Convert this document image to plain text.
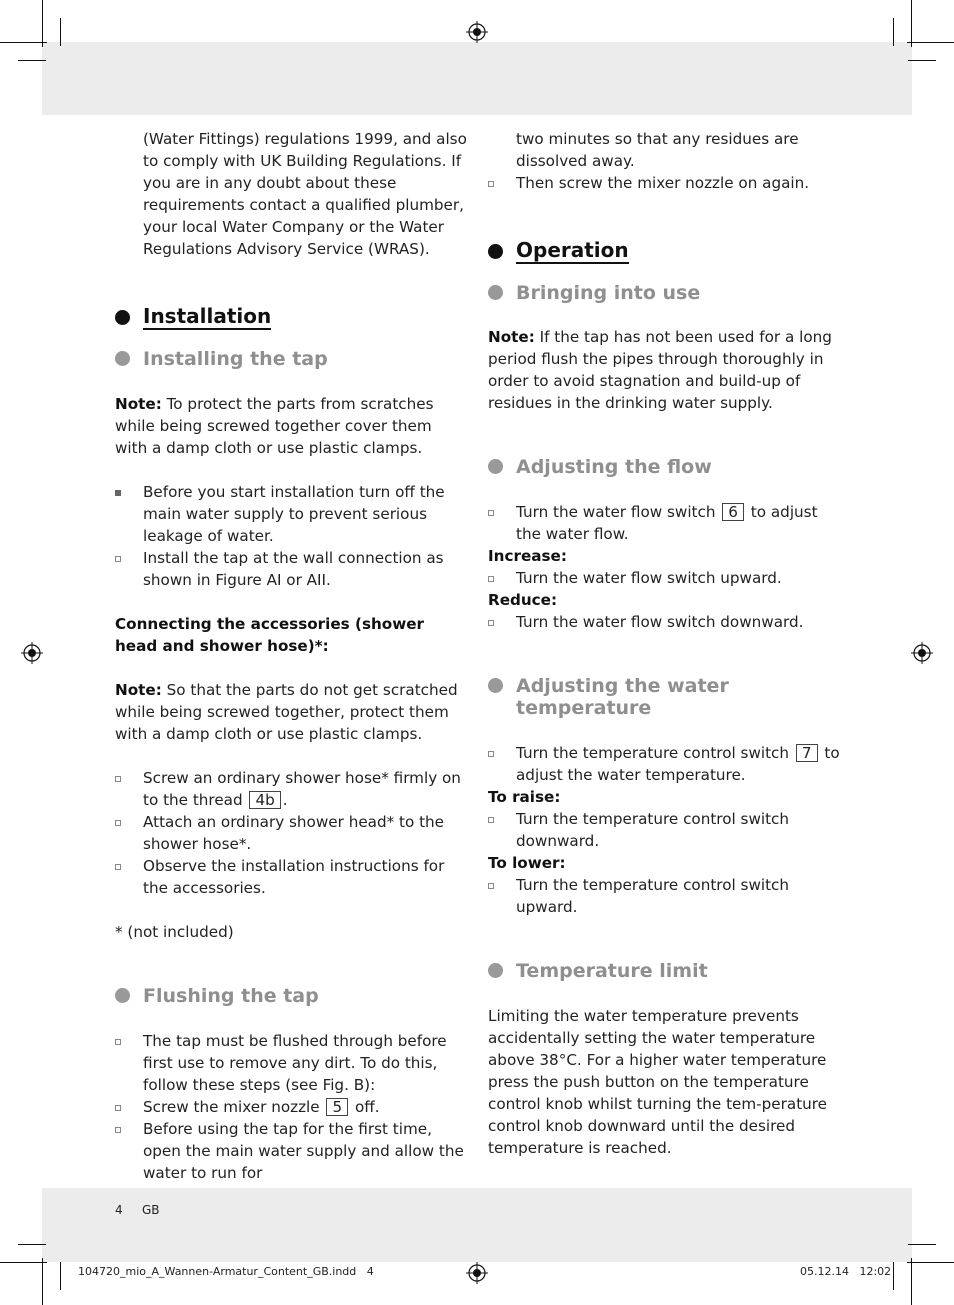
(Water Fittings) regulations 1999, and also to comply with UK Building Regulations. If you are in any doubt about these requirements contact a qualified plumber, your local Water Company or the Water Regulations Advisory Service (WRAS).

Installation
Installing the tap

Note: To protect the parts from scratches while being screwed together cover them with a damp cloth or use plastic clamps.

Before you start installation turn off the main water supply to prevent serious leakage of water.
Install the tap at the wall connection as shown in Figure AI or AII.

Connecting the accessories (shower head and shower hose)*:

Note: So that the parts do not get scratched while being screwed together, protect them with a damp cloth or use plastic clamps.

Screw an ordinary shower hose* firmly on to the thread 4b .
Attach an ordinary shower head* to the shower hose*.
Observe the installation instructions for the accessories.

* (not included)

Flushing the tap
The tap must be flushed through before first use to remove any dirt. To do this, follow these steps (see Fig. B):
Screw the mixer nozzle 5 off.
Before using the tap for the first time, open the main water supply and allow the water to run for

two minutes so that any residues are dissolved away.

Then screw the mixer nozzle on again.
Operation
Bringing into use

Note: If the tap has not been used for a long period flush the pipes through thoroughly in order to avoid stagnation and build-up of residues in the drinking water supply.

Adjusting the flow
Turn the water flow switch 6 to adjust the water flow.

Increase:

Turn the water flow switch upward.

Reduce:

Turn the water flow switch downward.
Adjusting the water
temperature
Turn the temperature control switch 7 to adjust the water temperature.

To raise:

Turn the temperature control switch downward.

To lower:

Turn the temperature control switch upward.
Temperature limit

Limiting the water temperature prevents accidentally setting the water temperature above 38°C. For a higher water temperature press the push button on the temperature control knob whilst turning the tem-perature control knob downward until the desired temperature is reached.

4 GB
104720_mio_A_Wannen-Armatur_Content_GB.indd   4	05.12.14   12:02
